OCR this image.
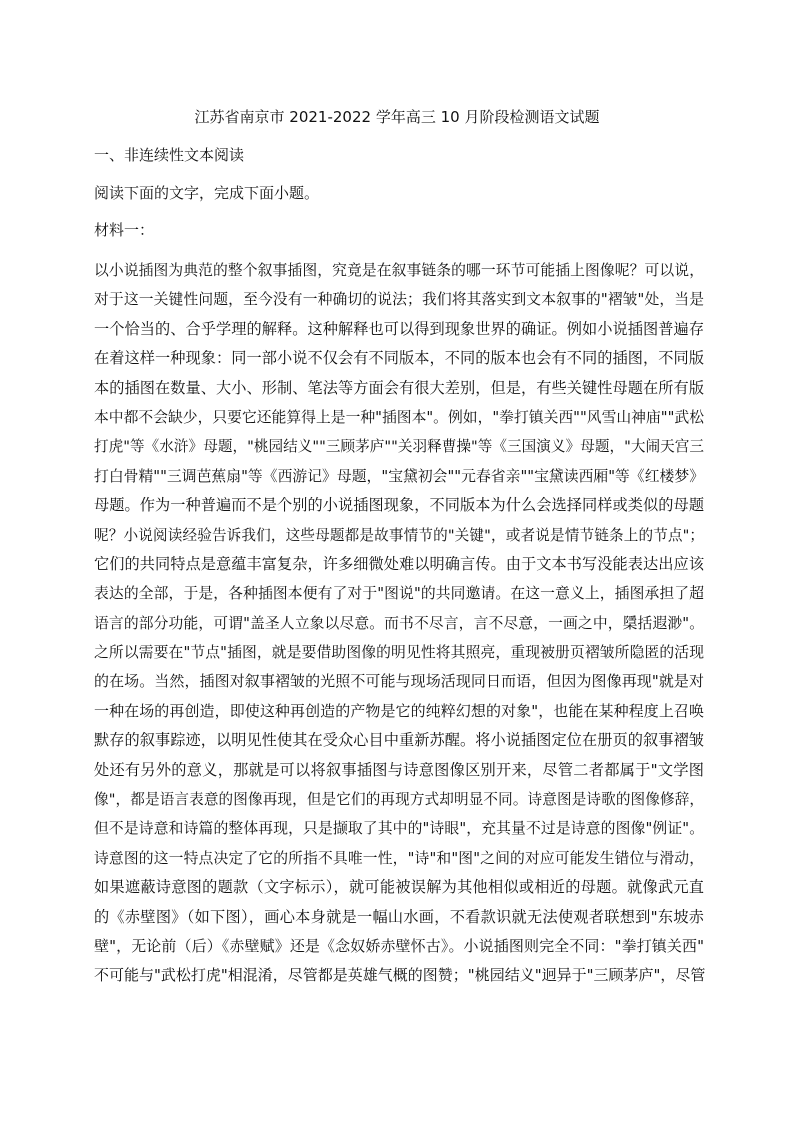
江苏省南京市 2021-2022 学年高三 10 月阶段检测语文试题
一、非连续性文本阅读
阅读下面的文字，完成下面小题。
材料一：
以小说插图为典范的整个叙事插图，究竟是在叙事链条的哪一环节可能插上图像呢？可以说，
对于这一关键性问题，至今没有一种确切的说法；我们将其落实到文本叙事的"褶皱"处，当是
一个恰当的、合乎学理的解释。这种解释也可以得到现象世界的确证。例如小说插图普遍存
在着这样一种现象：同一部小说不仅会有不同版本，不同的版本也会有不同的插图，不同版
本的插图在数量、大小、形制、笔法等方面会有很大差别，但是，有些关键性母题在所有版
本中都不会缺少，只要它还能算得上是一种"插图本"。例如，"拳打镇关西""风雪山神庙""武松
打虎"等《水浒》母题，"桃园结义""三顾茅庐""关羽释曹操"等《三国演义》母题，"大闹天宫三
打白骨精""三调芭蕉扇"等《西游记》母题，"宝黛初会""元春省亲""宝黛读西厢"等《红楼梦》
母题。作为一种普遍而不是个别的小说插图现象，不同版本为什么会选择同样或类似的母题
呢？小说阅读经验告诉我们，这些母题都是故事情节的"关键"，或者说是情节链条上的节点"；
它们的共同特点是意蕴丰富复杂，许多细微处难以明确言传。由于文本书写没能表达出应该
表达的全部，于是，各种插图本便有了对于"图说"的共同邀请。在这一意义上，插图承担了超
语言的部分功能，可谓"盖圣人立象以尽意。而书不尽言，言不尽意，一画之中，檃括遐渺"。
之所以需要在"节点"插图，就是要借助图像的明见性将其照亮，重现被册页褶皱所隐匿的活现
的在场。当然，插图对叙事褶皱的光照不可能与现场活现同日而语，但因为图像再现"就是对
一种在场的再创造，即使这种再创造的产物是它的纯粹幻想的对象"，也能在某种程度上召唤
默存的叙事踪迹，以明见性使其在受众心目中重新苏醒。将小说插图定位在册页的叙事褶皱
处还有另外的意义，那就是可以将叙事插图与诗意图像区别开来，尽管二者都属于"文学图
像"，都是语言表意的图像再现，但是它们的再现方式却明显不同。诗意图是诗歌的图像修辞，
但不是诗意和诗篇的整体再现，只是撷取了其中的"诗眼"，充其量不过是诗意的图像"例证"。
诗意图的这一特点决定了它的所指不具唯一性，"诗"和"图"之间的对应可能发生错位与滑动，
如果遮蔽诗意图的题款（文字标示），就可能被误解为其他相似或相近的母题。就像武元直
的《赤壁图》（如下图），画心本身就是一幅山水画，不看款识就无法使观者联想到"东坡赤
壁"，无论前（后）《赤壁赋》还是《念奴娇赤壁怀古》。小说插图则完全不同："拳打镇关西"
不可能与"武松打虎"相混淆，尽管都是英雄气概的图赞；"桃园结义"迥异于"三顾茅庐"，尽管
